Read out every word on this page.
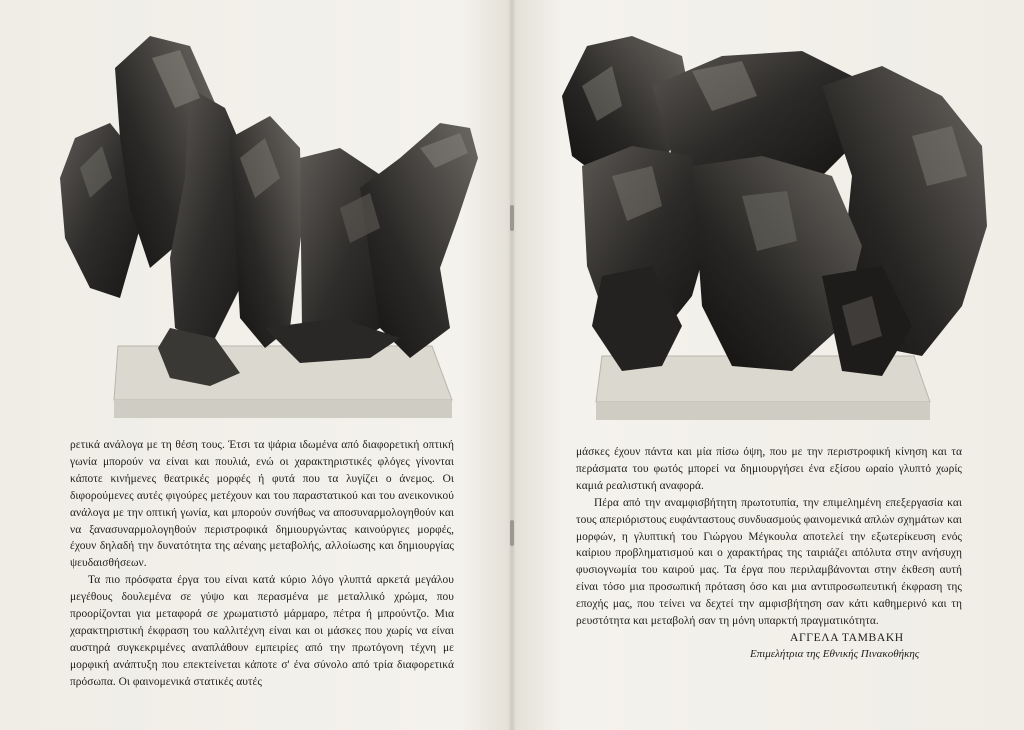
ρετικά ανάλογα με τη θέση τους. Έτσι τα ψάρια ιδωμένα από διαφορετική οπτική γωνία μπορούν να είναι και πουλιά, ενώ οι χαρακτηριστικές φλόγες γίνονται κάποτε κινήμενες θεατρικές μορφές ή φυτά που τα λυγίζει ο άνεμος. Οι διφορούμενες αυτές φιγούρες μετέχουν και του παραστατικού και του ανεικονικού ανάλογα με την οπτική γωνία, και μπορούν συνήθως να αποσυναρμολογηθούν και να ξανασυναρμολογηθούν περιστροφικά δημιουργώντας καινούργιες μορφές, έχουν δηλαδή την δυνατότητα της αέναης μεταβολής, αλλοίωσης και δημιουργίας ψευδαισθήσεων.

Τα πιο πρόσφατα έργα του είναι κατά κύριο λόγο γλυπτά αρκετά μεγάλου μεγέθους δουλεμένα σε γύψο και περασμένα με μεταλλικό χρώμα, που προορίζονται για μεταφορά σε χρωματιστό μάρμαρο, πέτρα ή μπρούντζο. Μια χαρακτηριστική έκφραση του καλλιτέχνη είναι και οι μάσκες που χωρίς να είναι αυστηρά συγκεκριμένες αναπλάθουν εμπειρίες από την πρωτόγονη τέχνη με μορφική ανάπτυξη που επεκτείνεται κάποτε σ' ένα σύνολο από τρία διαφορετικά πρόσωπα. Οι φαινομενικά στατικές αυτές

μάσκες έχουν πάντα και μία πίσω όψη, που με την περιστροφική κίνηση και τα περάσματα του φωτός μπορεί να δημιουργήσει ένα εξίσου ωραίο γλυπτό χωρίς καμιά ρεαλιστική αναφορά.

Πέρα από την αναμφισβήτητη πρωτοτυπία, την επιμελημένη επεξεργασία και τους απεριόριστους ευφάνταστους συνδυασμούς φαινομενικά απλών σχημάτων και μορφών, η γλυπτική του Γιώργου Μέγκουλα αποτελεί την εξωτερίκευση ενός καίριου προβληματισμού και ο χαρακτήρας της ταιριάζει απόλυτα στην ανήσυχη φυσιογνωμία του καιρού μας. Τα έργα που περιλαμβάνονται στην έκθεση αυτή είναι τόσο μια προσωπική πρόταση όσο και μια αντιπροσωπευτική έκφραση της εποχής μας, που τείνει να δεχτεί την αμφισβήτηση σαν κάτι καθημερινό και τη ρευστότητα και μεταβολή σαν τη μόνη υπαρκτή πραγματικότητα.

ΑΓΓΕΛΑ ΤΑΜΒΑΚΗ
Επιμελήτρια της Εθνικής Πινακοθήκης
